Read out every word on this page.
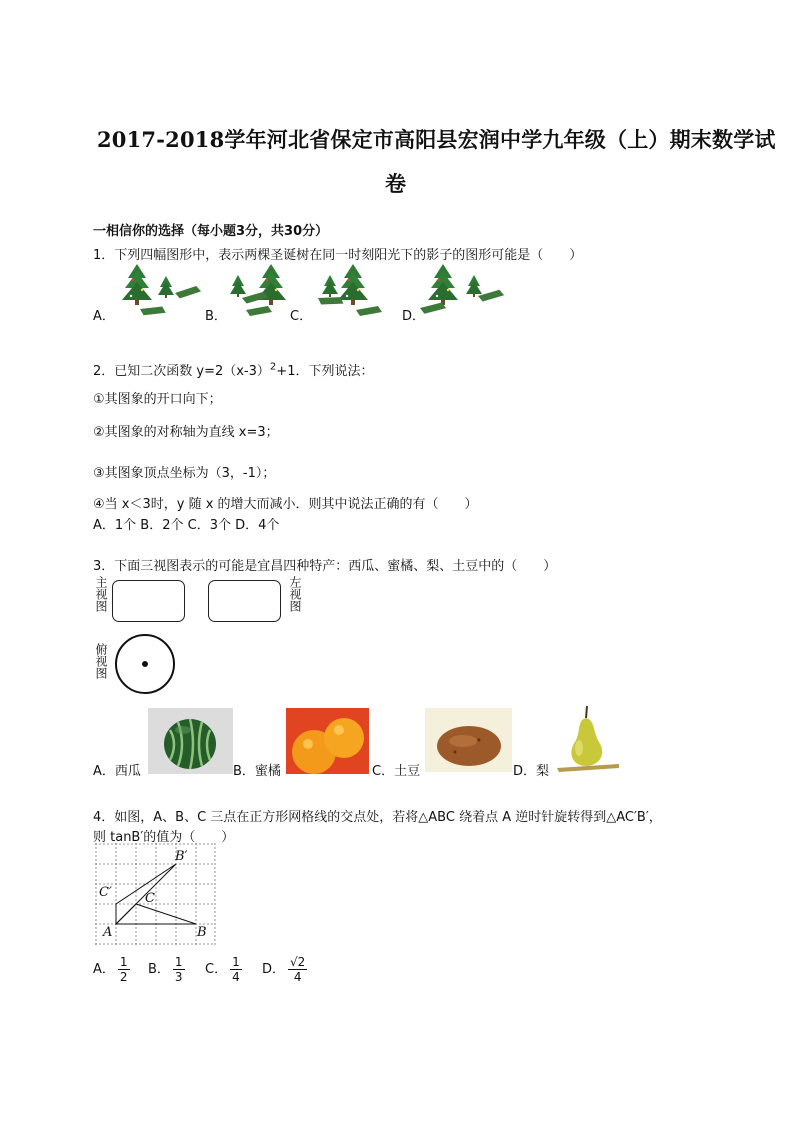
2017-2018学年河北省保定市高阳县宏润中学九年级（上）期末数学试
卷
一相信你的选择（每小题3分，共30分）
1．下列四幅图形中，表示两棵圣诞树在同一时刻阳光下的影子的图形可能是（　　）
A．	B．	C．	D．
2．已知二次函数 $y=2(x-3)^2+1$．下列说法：
①其图象的开口向下；
②其图象的对称轴为直线 x=3；
③其图象顶点坐标为（3，-1）；
④当 x＜3时，y 随 x 的增大而减小．则其中说法正确的有（　　）
A．1个 B．2个 C．3个 D．4个
3．下面三视图表示的可能是宜昌四种特产：西瓜、蜜橘、梨、土豆中的（　　）
主视图	左视图
俯视图
A．西瓜	B．蜜橘	C．土豆	D．梨
4．如图，A、B、C 三点在正方形网格线的交点处，若将△ABC 绕着点 A 逆时针旋转得到△AC′B′，
则 tanB′的值为（　　）
A	B
C
C′
B′
A． $\frac{1}{2}$ B． $\frac{1}{3}$ C． $\frac{1}{4}$ D． $\frac{√2}{4}$
